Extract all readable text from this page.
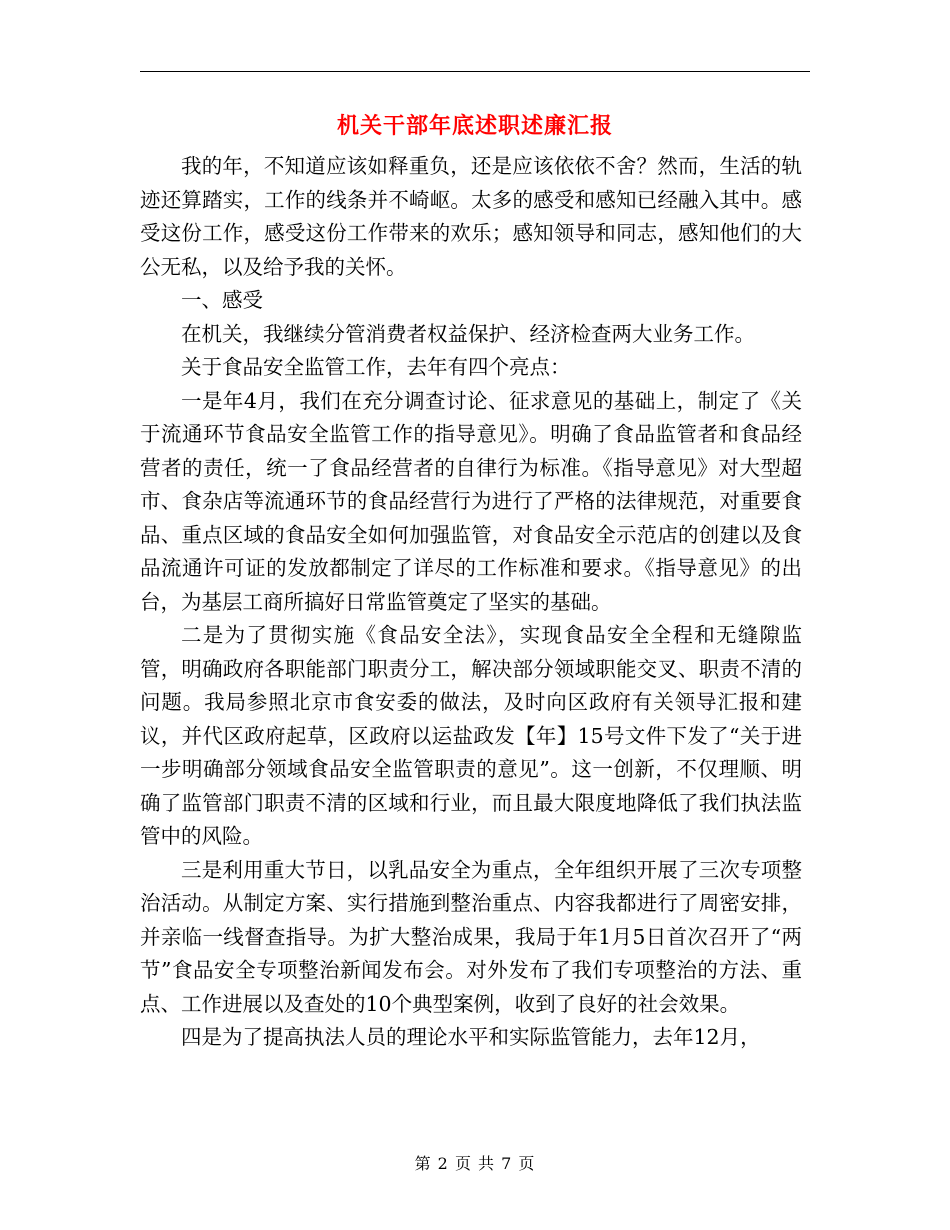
机关干部年底述职述廉汇报

我的年，不知道应该如释重负，还是应该依依不舍？然而，生活的轨迹还算踏实，工作的线条并不崎岖。太多的感受和感知已经融入其中。感受这份工作，感受这份工作带来的欢乐；感知领导和同志，感知他们的大公无私，以及给予我的关怀。

一、感受

在机关，我继续分管消费者权益保护、经济检查两大业务工作。

关于食品安全监管工作，去年有四个亮点：

一是年4月，我们在充分调查讨论、征求意见的基础上，制定了《关于流通环节食品安全监管工作的指导意见》。明确了食品监管者和食品经营者的责任，统一了食品经营者的自律行为标准。《指导意见》对大型超市、食杂店等流通环节的食品经营行为进行了严格的法律规范，对重要食品、重点区域的食品安全如何加强监管，对食品安全示范店的创建以及食品流通许可证的发放都制定了详尽的工作标准和要求。《指导意见》的出台，为基层工商所搞好日常监管奠定了坚实的基础。

二是为了贯彻实施《食品安全法》，实现食品安全全程和无缝隙监管，明确政府各职能部门职责分工，解决部分领域职能交叉、职责不清的问题。我局参照北京市食安委的做法，及时向区政府有关领导汇报和建议，并代区政府起草，区政府以运盐政发【年】15号文件下发了“关于进一步明确部分领域食品安全监管职责的意见”。这一创新，不仅理顺、明确了监管部门职责不清的区域和行业，而且最大限度地降低了我们执法监管中的风险。

三是利用重大节日，以乳品安全为重点，全年组织开展了三次专项整治活动。从制定方案、实行措施到整治重点、内容我都进行了周密安排，并亲临一线督查指导。为扩大整治成果，我局于年1月5日首次召开了“两节”食品安全专项整治新闻发布会。对外发布了我们专项整治的方法、重点、工作进展以及查处的10个典型案例，收到了良好的社会效果。

四是为了提高执法人员的理论水平和实际监管能力，去年12月，

第 2 页 共 7 页
